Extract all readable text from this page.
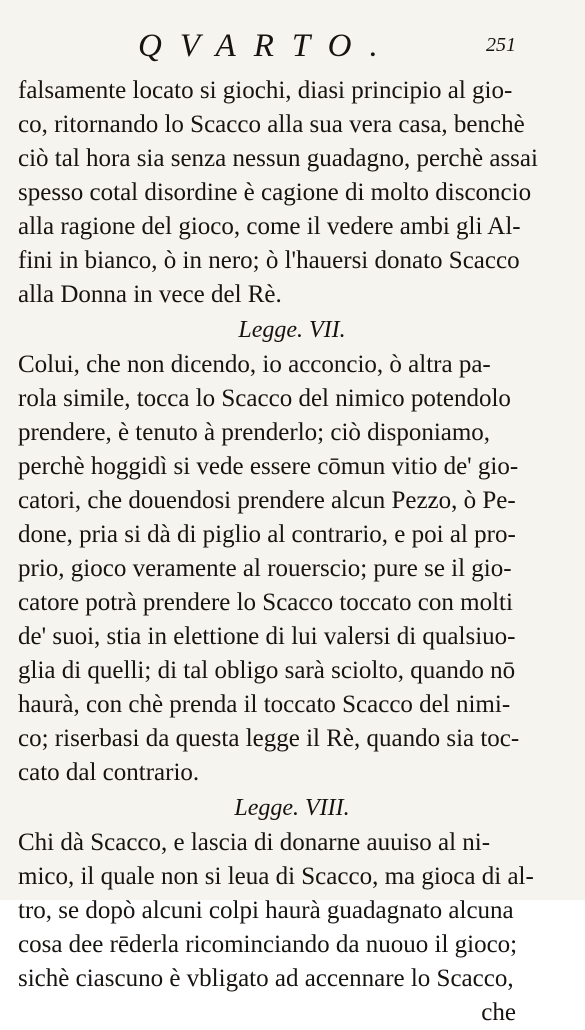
QVARTO.	251
falsamente locato si giochi, diasi principio al gio-
co, ritornando lo Scacco alla sua vera casa, benchè
ciò tal hora sia senza nessun guadagno, perchè assai
spesso cotal disordine è cagione di molto disconcio
alla ragione del gioco, come il vedere ambi gli Al-
fini in bianco, ò in nero; ò l'hauersi donato Scacco
alla Donna in vece del Rè.
Legge. VII.
Colui, che non dicendo, io acconcio, ò altra pa-
rola simile, tocca lo Scacco del nimico potendolo
prendere, è tenuto à prenderlo; ciò disponiamo,
perchè hoggidì si vede essere cōmun vitio de' gio-
catori, che douendosi prendere alcun Pezzo, ò Pe-
done, pria si dà di piglio al contrario, e poi al pro-
prio, gioco veramente al rouerscio; pure se il gio-
catore potrà prendere lo Scacco toccato con molti
de' suoi, stia in elettione di lui valersi di qualsiuo-
glia di quelli; di tal obligo sarà sciolto, quando nō
haurà, con chè prenda il toccato Scacco del nimi-
co; riserbasi da questa legge il Rè, quando sia toc-
cato dal contrario.
Legge. VIII.
Chi dà Scacco, e lascia di donarne auuiso al ni-
mico, il quale non si leua di Scacco, ma gioca di al-
tro, se dopò alcuni colpi haurà guadagnato alcuna
cosa dee rēderla ricominciando da nuouo il gioco;
sichè ciascuno è vbligato ad accennare lo Scacco,
che
